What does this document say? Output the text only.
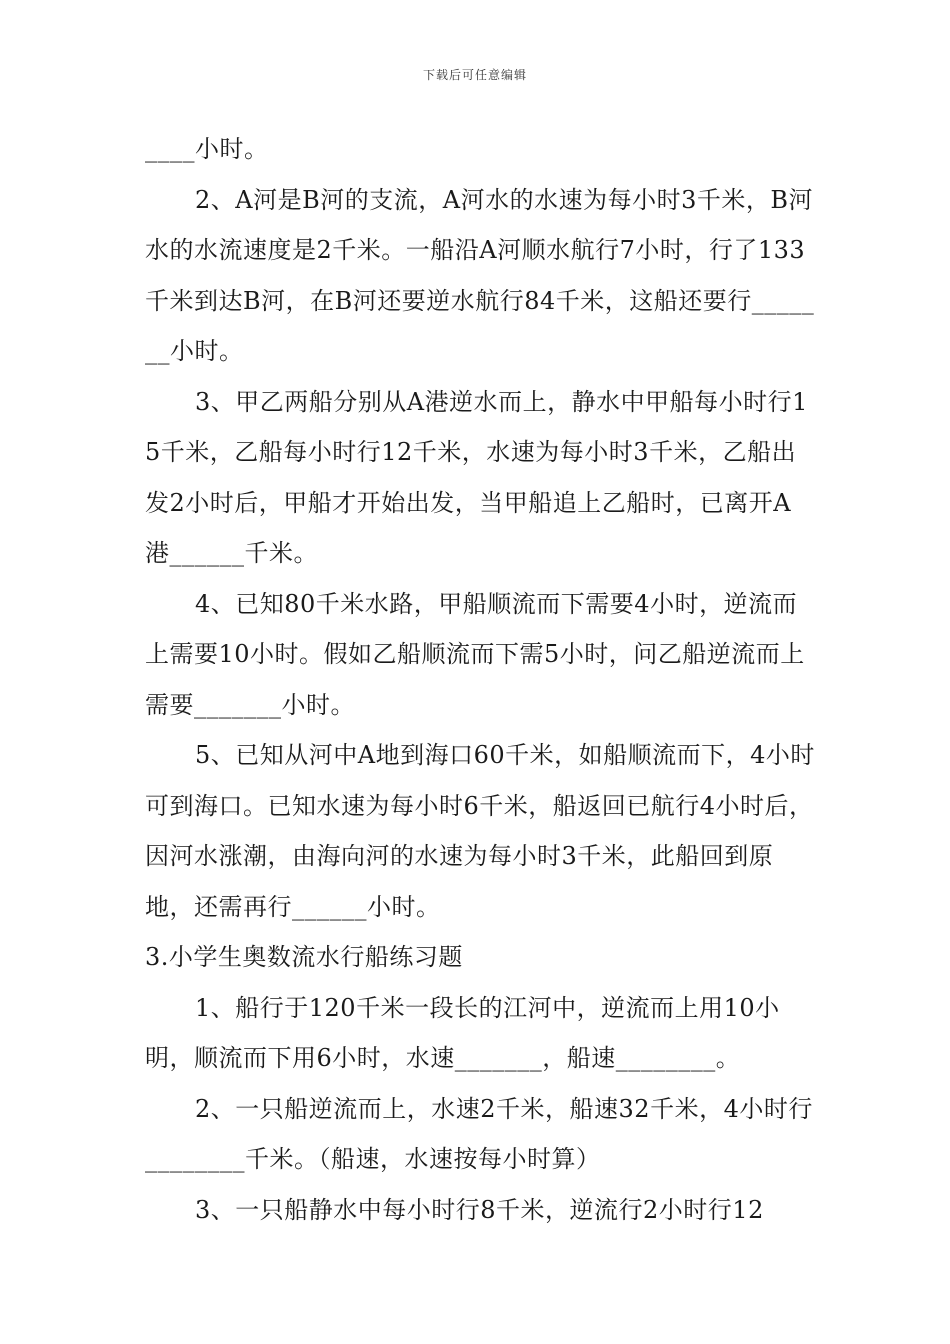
下载后可任意编辑

____小时。

2、A河是B河的支流，A河水的水速为每小时3千米，B河水的水流速度是2千米。一船沿A河顺水航行7小时，行了133千米到达B河，在B河还要逆水航行84千米，这船还要行_______小时。

3、甲乙两船分别从A港逆水而上，静水中甲船每小时行15千米，乙船每小时行12千米，水速为每小时3千米，乙船出发2小时后，甲船才开始出发，当甲船追上乙船时，已离开A港______千米。

4、已知80千米水路，甲船顺流而下需要4小时，逆流而上需要10小时。假如乙船顺流而下需5小时，问乙船逆流而上需要_______小时。

5、已知从河中A地到海口60千米，如船顺流而下，4小时可到海口。已知水速为每小时6千米，船返回已航行4小时后，因河水涨潮，由海向河的水速为每小时3千米，此船回到原地，还需再行______小时。

3.小学生奥数流水行船练习题

1、船行于120千米一段长的江河中，逆流而上用10小明，顺流而下用6小时，水速_______，船速________。

2、一只船逆流而上，水速2千米，船速32千米，4小时行________千米。（船速，水速按每小时算）

3、一只船静水中每小时行8千米，逆流行2小时行12
